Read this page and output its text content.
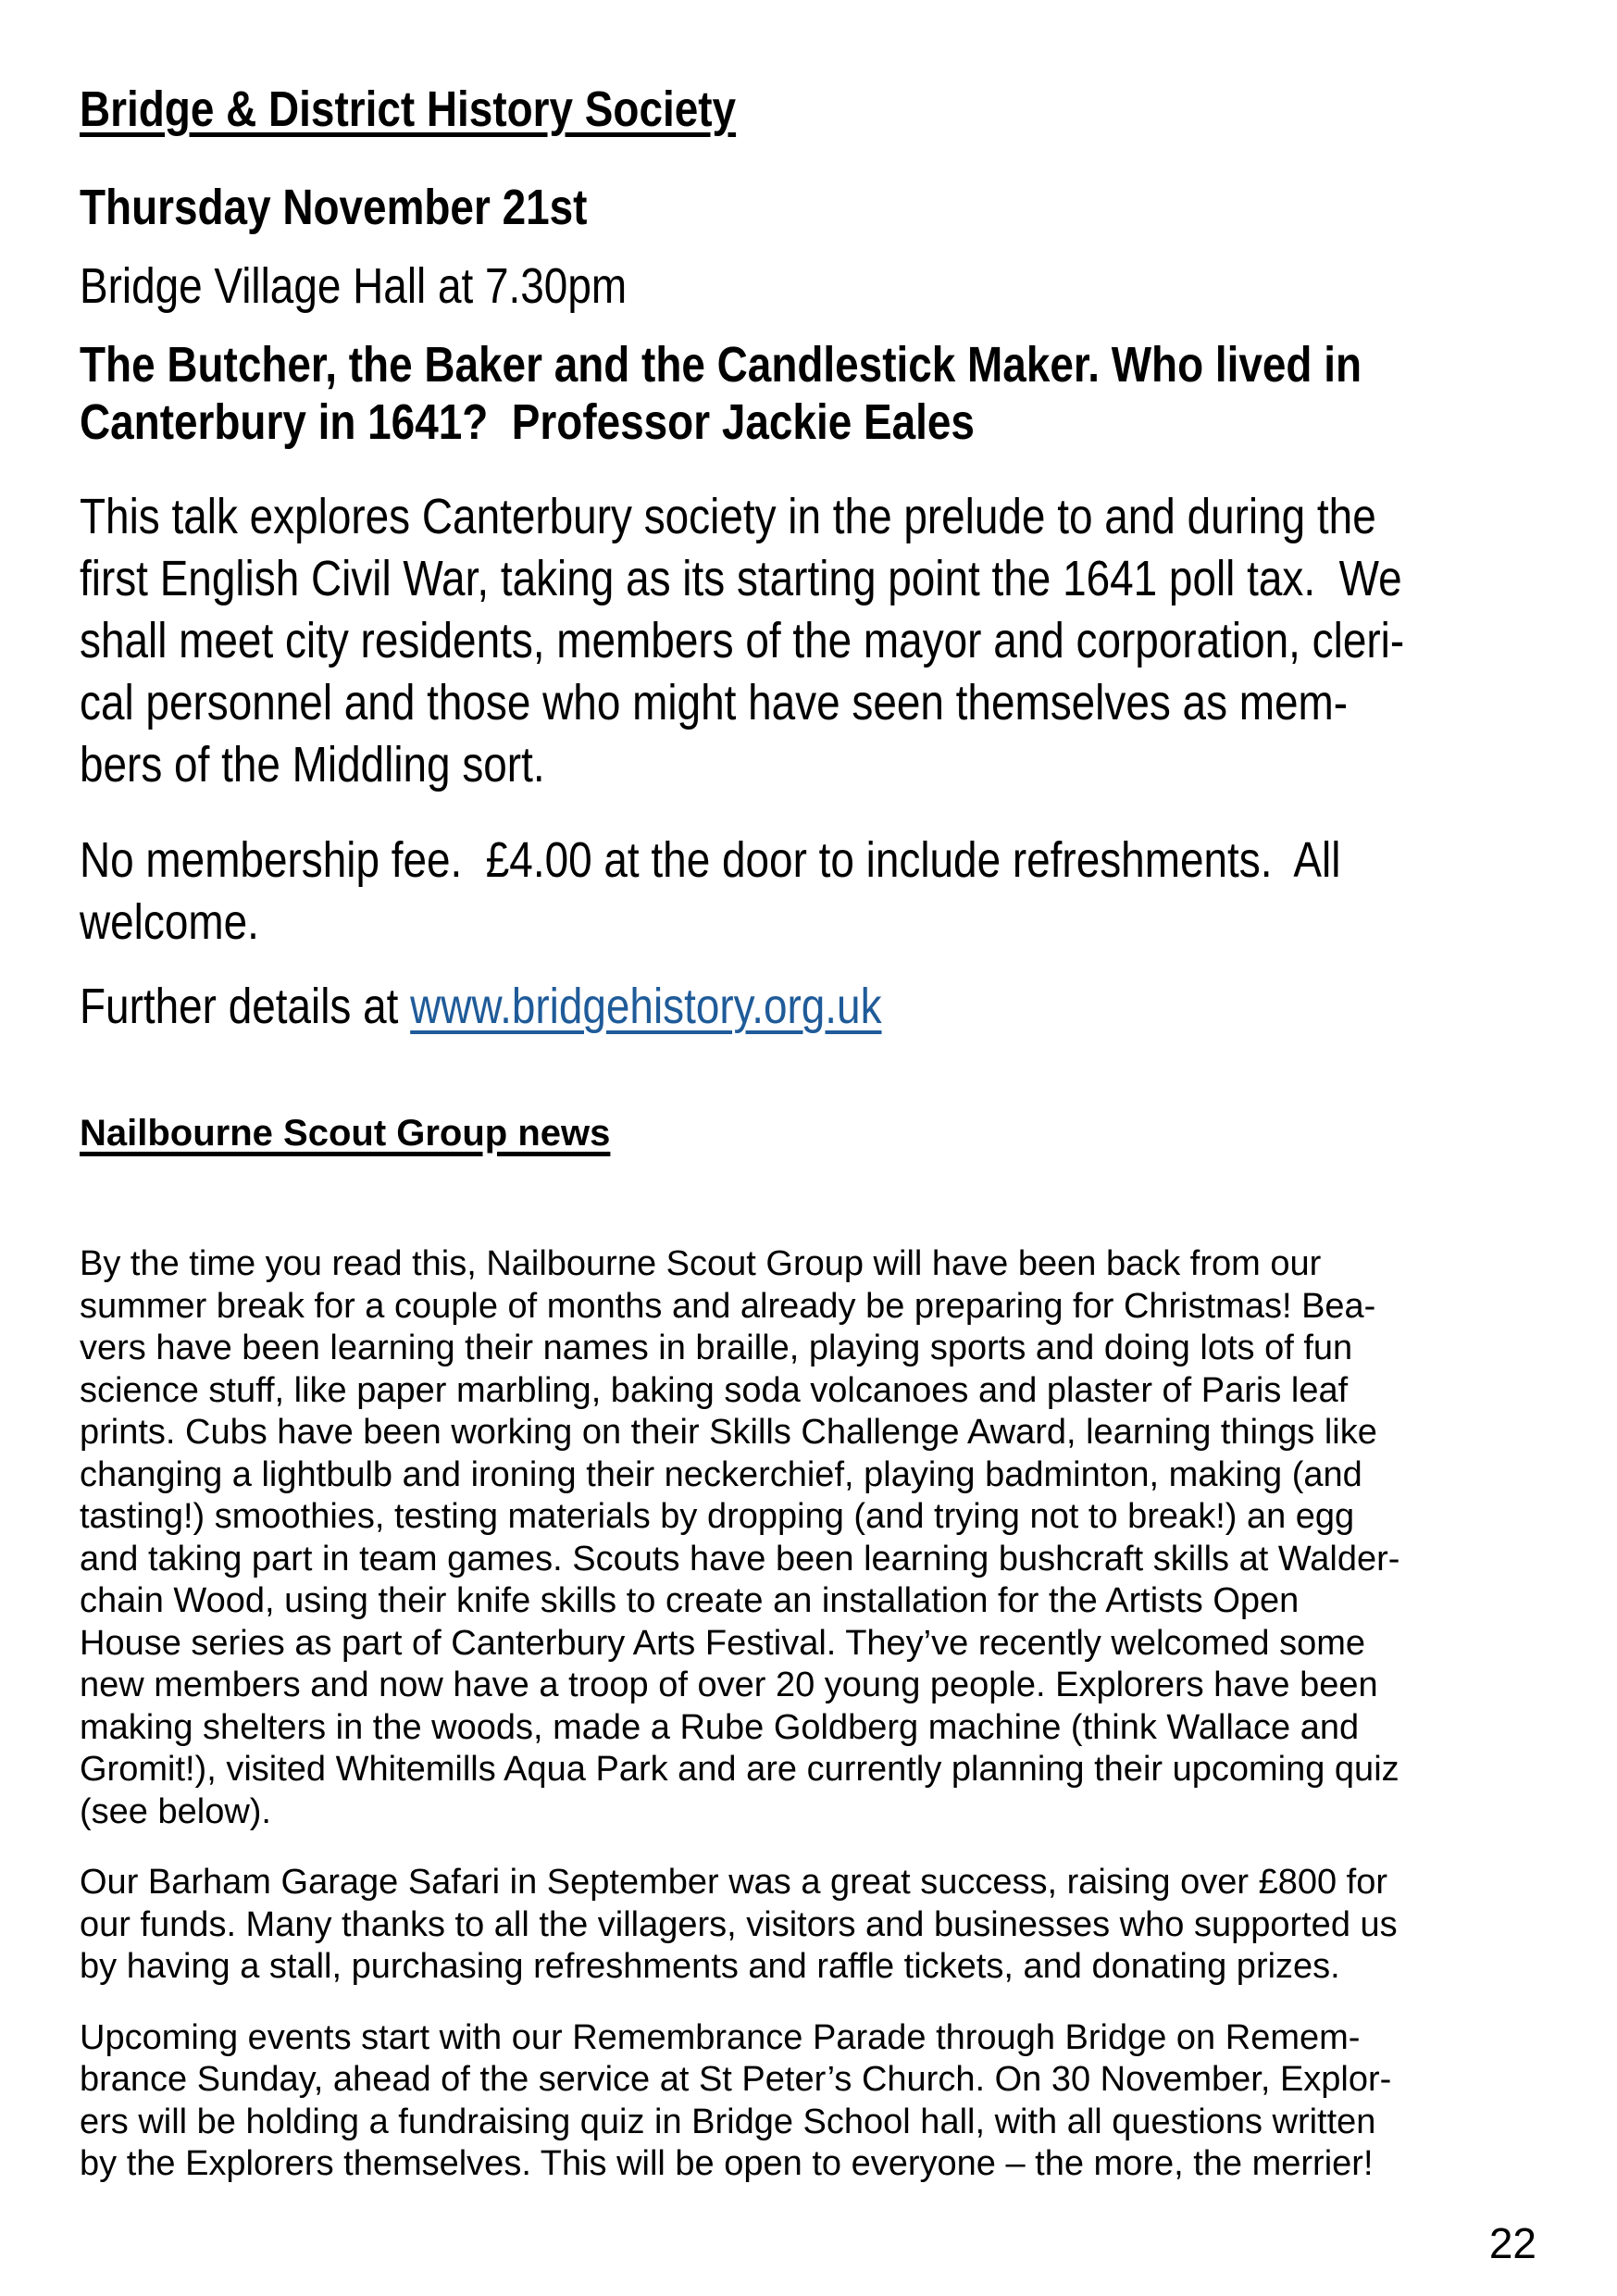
Bridge & District History Society
Thursday November 21st
Bridge Village Hall at 7.30pm
The Butcher, the Baker and the Candlestick Maker. Who lived in
Canterbury in 1641?  Professor Jackie Eales
This talk explores Canterbury society in the prelude to and during the
first English Civil War, taking as its starting point the 1641 poll tax.  We
shall meet city residents, members of the mayor and corporation, cleri-
cal personnel and those who might have seen themselves as mem-
bers of the Middling sort.
No membership fee.  £4.00 at the door to include refreshments.  All
welcome.
Further details at www.bridgehistory.org.uk
Nailbourne Scout Group news
By the time you read this, Nailbourne Scout Group will have been back from our
summer break for a couple of months and already be preparing for Christmas! Bea-
vers have been learning their names in braille, playing sports and doing lots of fun
science stuff, like paper marbling, baking soda volcanoes and plaster of Paris leaf
prints. Cubs have been working on their Skills Challenge Award, learning things like
changing a lightbulb and ironing their neckerchief, playing badminton, making (and
tasting!) smoothies, testing materials by dropping (and trying not to break!) an egg
and taking part in team games. Scouts have been learning bushcraft skills at Walder-
chain Wood, using their knife skills to create an installation for the Artists Open
House series as part of Canterbury Arts Festival. They’ve recently welcomed some
new members and now have a troop of over 20 young people. Explorers have been
making shelters in the woods, made a Rube Goldberg machine (think Wallace and
Gromit!), visited Whitemills Aqua Park and are currently planning their upcoming quiz
(see below).
Our Barham Garage Safari in September was a great success, raising over £800 for
our funds. Many thanks to all the villagers, visitors and businesses who supported us
by having a stall, purchasing refreshments and raffle tickets, and donating prizes.
Upcoming events start with our Remembrance Parade through Bridge on Remem-
brance Sunday, ahead of the service at St Peter’s Church. On 30 November, Explor-
ers will be holding a fundraising quiz in Bridge School hall, with all questions written
by the Explorers themselves. This will be open to everyone – the more, the merrier!
22
